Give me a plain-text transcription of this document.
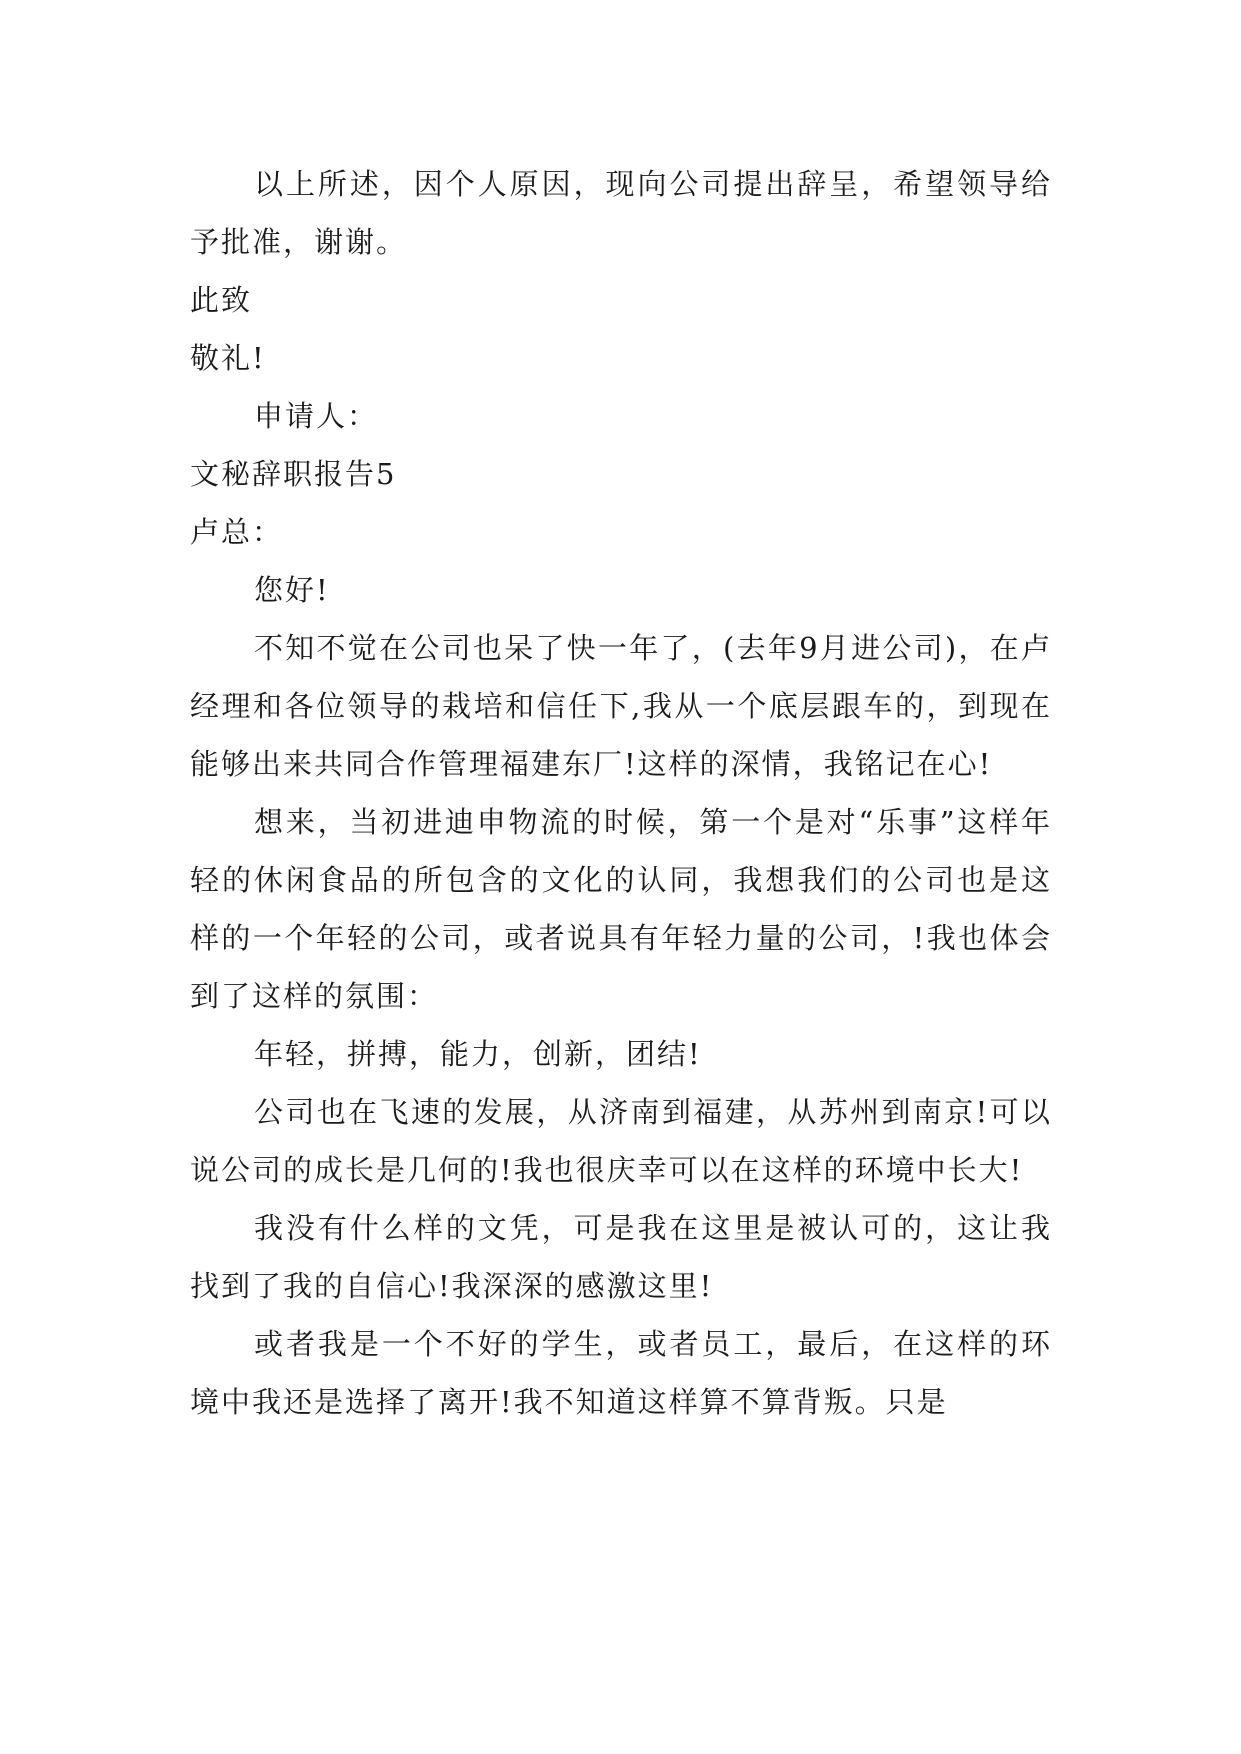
以上所述，因个人原因，现向公司提出辞呈，希望领导给予批准，谢谢。

此致

敬礼!

申请人：

文秘辞职报告5

卢总：

您好!

不知不觉在公司也呆了快一年了，(去年9月进公司)，在卢经理和各位领导的栽培和信任下,我从一个底层跟车的，到现在能够出来共同合作管理福建东厂!这样的深情，我铭记在心!

想来，当初进迪申物流的时候，第一个是对“乐事”这样年轻的休闲食品的所包含的文化的认同，我想我们的公司也是这样的一个年轻的公司，或者说具有年轻力量的公司，!我也体会到了这样的氛围：

年轻，拼搏，能力，创新，团结!

公司也在飞速的发展，从济南到福建，从苏州到南京!可以说公司的成长是几何的!我也很庆幸可以在这样的环境中长大!

我没有什么样的文凭，可是我在这里是被认可的，这让我找到了我的自信心!我深深的感激这里!

或者我是一个不好的学生，或者员工，最后，在这样的环境中我还是选择了离开!我不知道这样算不算背叛。只是
